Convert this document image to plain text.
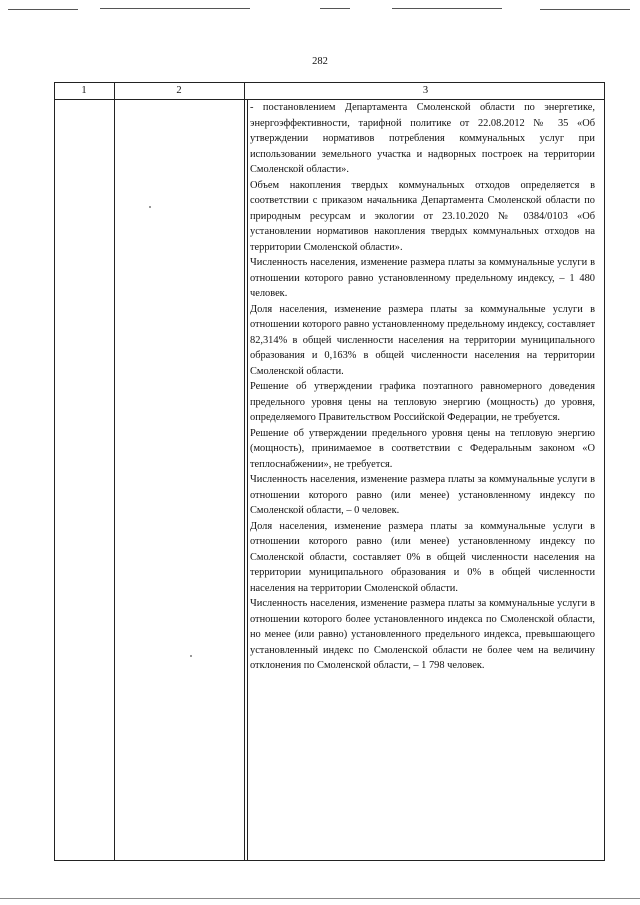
282
1	2	3

- постановлением Департамента Смоленской области по энергетике, энергоэффективности, тарифной политике от 22.08.2012 № 35 «Об утверждении нормативов потребления коммунальных услуг при использовании земельного участка и надворных построек на территории Смоленской области».

Объем накопления твердых коммунальных отходов определяется в соответствии с приказом начальника Департамента Смоленской области по природным ресурсам и экологии от 23.10.2020 № 0384/0103 «Об установлении нормативов накопления твердых коммунальных отходов на территории Смоленской области».

Численность населения, изменение размера платы за коммунальные услуги в отношении которого равно установленному предельному индексу, – 1 480 человек.

Доля населения, изменение размера платы за коммунальные услуги в отношении которого равно установленному предельному индексу, составляет 82,314% в общей численности населения на территории муниципального образования и 0,163% в общей численности населения на территории Смоленской области.

Решение об утверждении графика поэтапного равномерного доведения предельного уровня цены на тепловую энергию (мощность) до уровня, определяемого Правительством Российской Федерации, не требуется.

Решение об утверждении предельного уровня цены на тепловую энергию (мощность), принимаемое в соответствии с Федеральным законом «О теплоснабжении», не требуется.

Численность населения, изменение размера платы за коммунальные услуги в отношении которого равно (или менее) установленному индексу по Смоленской области, – 0 человек.

Доля населения, изменение размера платы за коммунальные услуги в отношении которого равно (или менее) установленному индексу по Смоленской области, составляет 0% в общей численности населения на территории муниципального образования и 0% в общей численности населения на территории Смоленской области.

Численность населения, изменение размера платы за коммунальные услуги в отношении которого более установленного индекса по Смоленской области, но менее (или равно) установленного предельного индекса, превышающего установленный индекс по Смоленской области не более чем на величину отклонения по Смоленской области, – 1 798 человек.
